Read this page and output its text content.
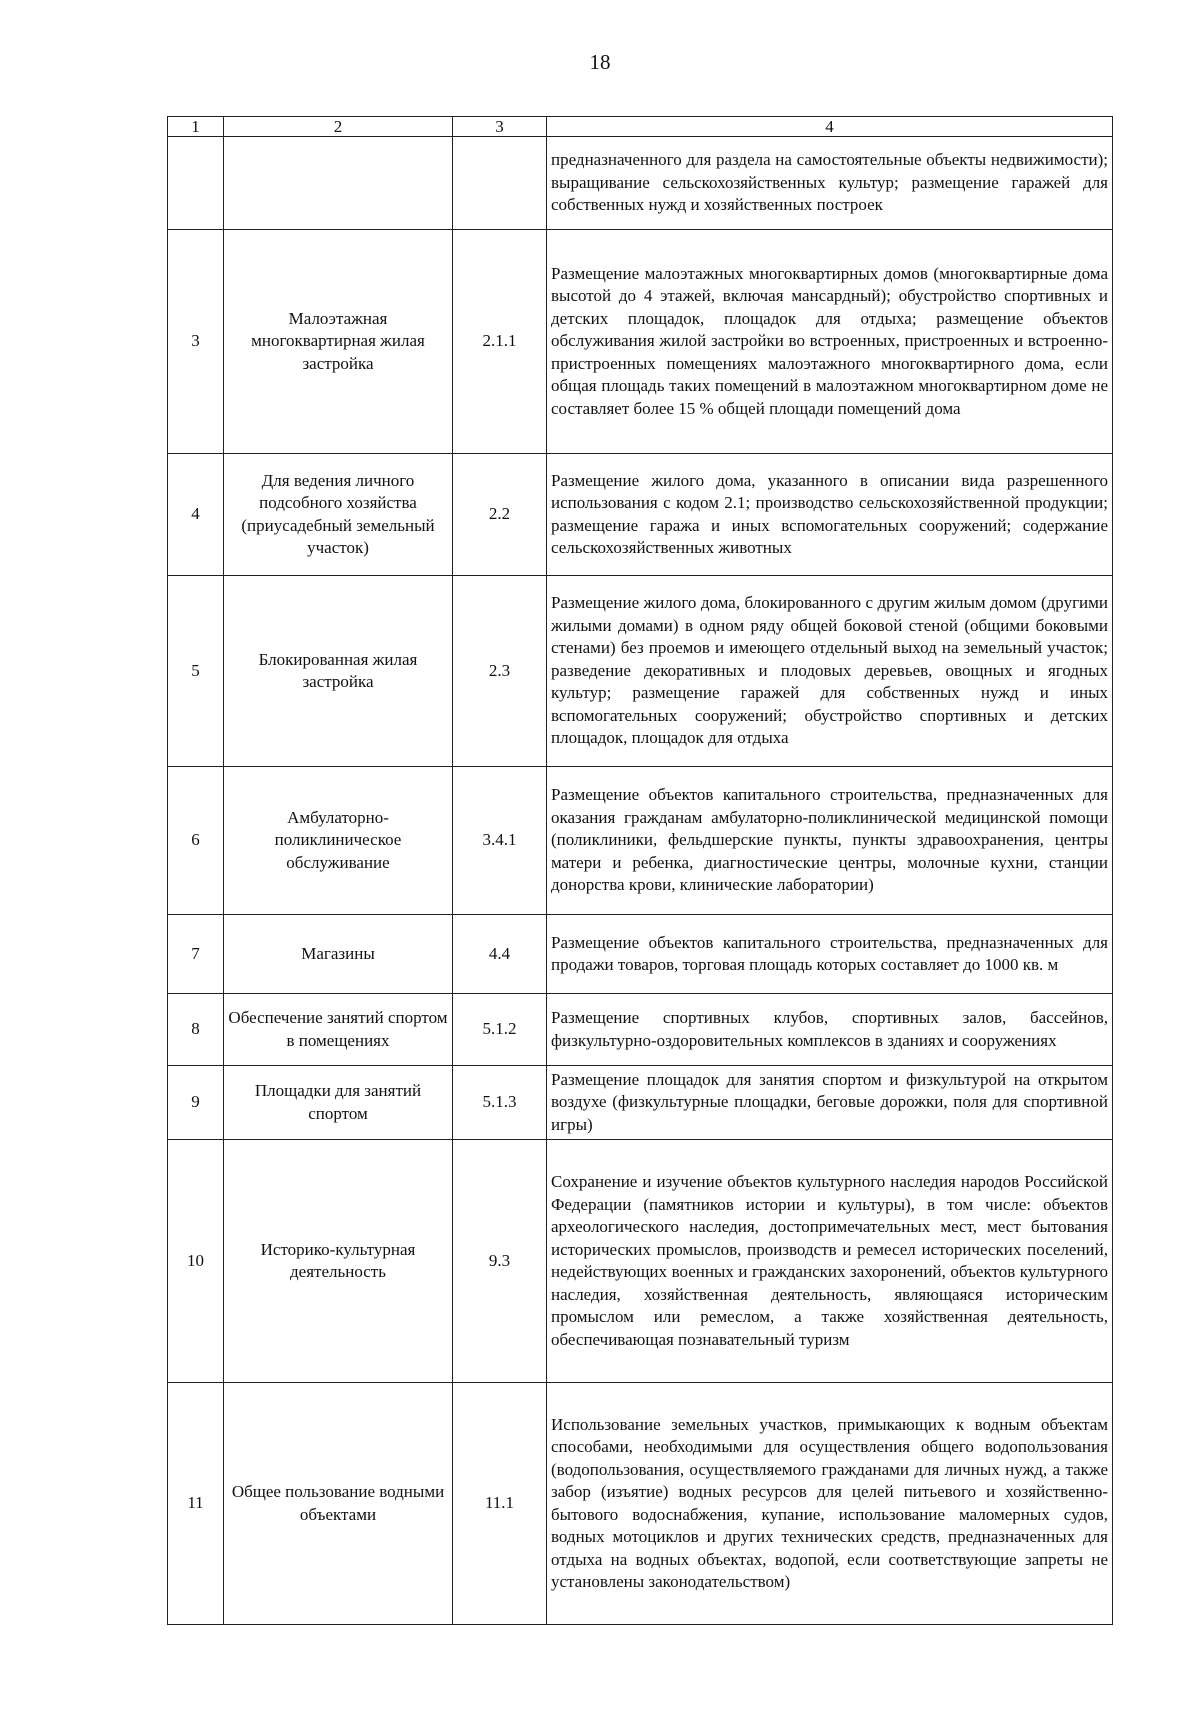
18
1	2	3	4
			предназначенного для раздела на самостоятельные объекты недвижимости); выращивание сельскохозяйственных культур; размещение гаражей для собственных нужд и хозяйственных построек
3	Малоэтажная многоквартирная жилая застройка	2.1.1	Размещение малоэтажных многоквартирных домов (многоквартирные дома высотой до 4 этажей, включая мансардный); обустройство спортивных и детских площадок, площадок для отдыха; размещение объектов обслуживания жилой застройки во встроенных, пристроенных и встроенно-пристроенных помещениях малоэтажного многоквартирного дома, если общая площадь таких помещений в малоэтажном многоквартирном доме не составляет более 15 % общей площади помещений дома
4	Для ведения личного подсобного хозяйства (приусадебный земельный участок)	2.2	Размещение жилого дома, указанного в описании вида разрешенного использования с кодом 2.1; производство сельскохозяйственной продукции; размещение гаража и иных вспомогательных сооружений; содержание сельскохозяйственных животных
5	Блокированная жилая застройка	2.3	Размещение жилого дома, блокированного с другим жилым домом (другими жилыми домами) в одном ряду общей боковой стеной (общими боковыми стенами) без проемов и имеющего отдельный выход на земельный участок; разведение декоративных и плодовых деревьев, овощных и ягодных культур; размещение гаражей для собственных нужд и иных вспомогательных сооружений; обустройство спортивных и детских площадок, площадок для отдыха
6	Амбулаторно-поликлиническое обслуживание	3.4.1	Размещение объектов капитального строительства, предназначенных для оказания гражданам амбулаторно-поликлинической медицинской помощи (поликлиники, фельдшерские пункты, пункты здравоохранения, центры матери и ребенка, диагностические центры, молочные кухни, станции донорства крови, клинические лаборатории)
7	Магазины	4.4	Размещение объектов капитального строительства, предназначенных для продажи товаров, торговая площадь которых составляет до 1000 кв. м
8	Обеспечение занятий спортом в помещениях	5.1.2	Размещение спортивных клубов, спортивных залов, бассейнов, физкультурно-оздоровительных комплексов в зданиях и сооружениях
9	Площадки для занятий спортом	5.1.3	Размещение площадок для занятия спортом и физкультурой на открытом воздухе (физкультурные площадки, беговые дорожки, поля для спортивной игры)
10	Историко-культурная деятельность	9.3	Сохранение и изучение объектов культурного наследия народов Российской Федерации (памятников истории и культуры), в том числе: объектов археологического наследия, достопримечательных мест, мест бытования исторических промыслов, производств и ремесел исторических поселений, недействующих военных и гражданских захоронений, объектов культурного наследия, хозяйственная деятельность, являющаяся историческим промыслом или ремеслом, а также хозяйственная деятельность, обеспечивающая познавательный туризм
11	Общее пользование водными объектами	11.1	Использование земельных участков, примыкающих к водным объектам способами, необходимыми для осуществления общего водопользования (водопользования, осуществляемого гражданами для личных нужд, а также забор (изъятие) водных ресурсов для целей питьевого и хозяйственно-бытового водоснабжения, купание, использование маломерных судов, водных мотоциклов и других технических средств, предназначенных для отдыха на водных объектах, водопой, если соответствующие запреты не установлены законодательством)
